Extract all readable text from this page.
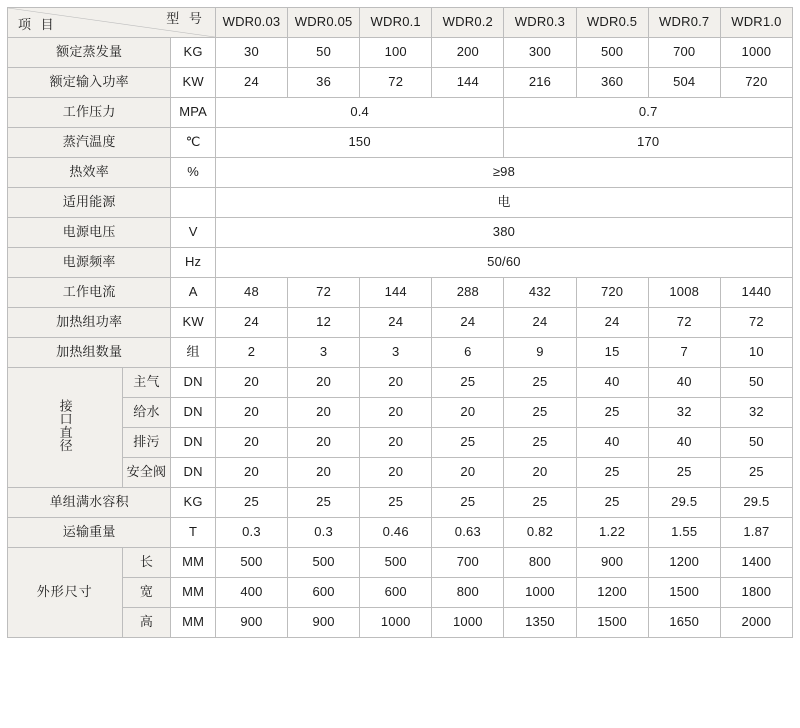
型 号
项 目			WDR0.03	WDR0.05	WDR0.1	WDR0.2	WDR0.3	WDR0.5	WDR0.7	WDR1.0
额定蒸发量		KG	30	50	100	200	300	500	700	1000
额定输入功率		KW	24	36	72	144	216	360	504	720
工作压力		MPA	0.4				0.7			
蒸汽温度		℃	150				170			
热效率		%	≥98							
适用能源			电							
电源电压		V	380							
电源频率		Hz	50/60							
工作电流		A	48	72	144	288	432	720	1008	1440
加热组功率		KW	24	12	24	24	24	24	72	72
加热组数量		组	2	3	3	6	9	15	7	10
接口直径	主气	DN	20	20	20	25	25	40	40	50
	给水	DN	20	20	20	20	25	25	32	32
	排污	DN	20	20	20	25	25	40	40	50
	安全阀	DN	20	20	20	20	20	25	25	25
单组满水容积		KG	25	25	25	25	25	25	29.5	29.5
运输重量		T	0.3	0.3	0.46	0.63	0.82	1.22	1.55	1.87
外形尺寸	长	MM	500	500	500	700	800	900	1200	1400
	宽	MM	400	600	600	800	1000	1200	1500	1800
	高	MM	900	900	1000	1000	1350	1500	1650	2000
